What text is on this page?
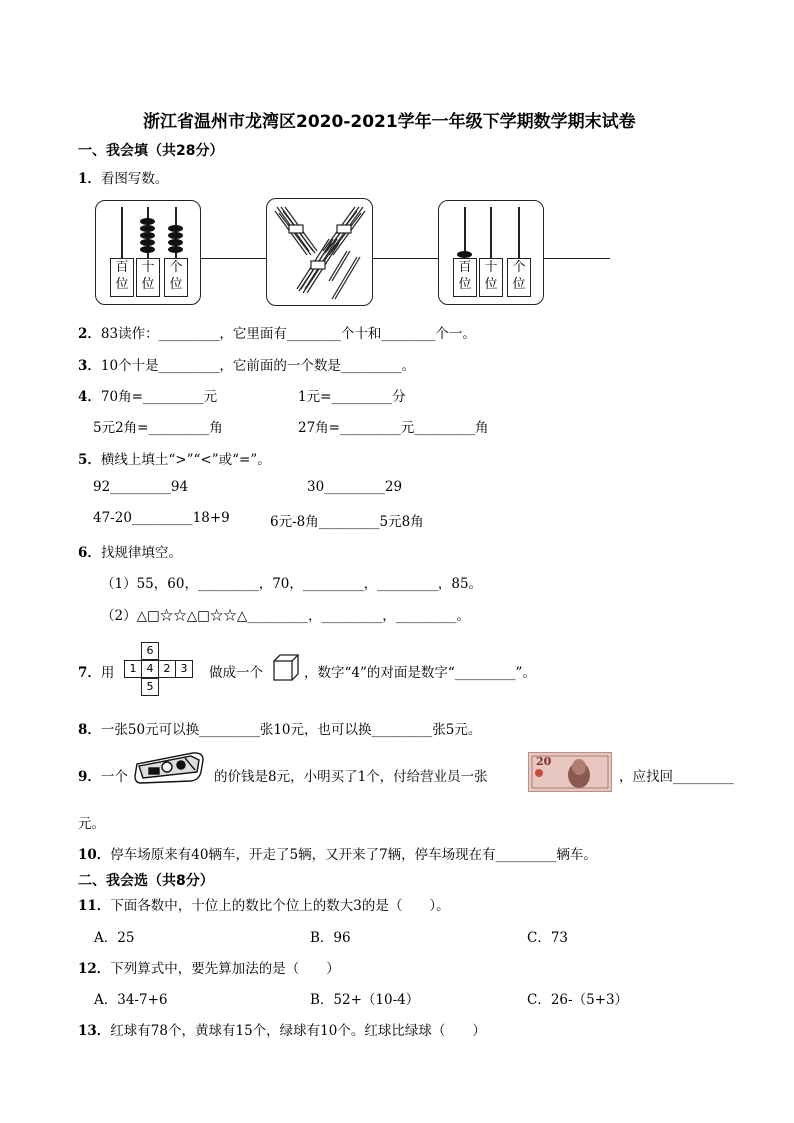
浙江省温州市龙湾区2020-2021学年一年级下学期数学期末试卷
一、我会填（共28分）
1．看图写数。
百位
十位
个位
百位
十位
个位
2．83读作：_________，它里面有________个十和________个一。
3．10个十是_________，它前面的一个数是_________。
4．70角=_________元	1元=_________分
5元2角=_________角	27角=_________元_________角
5．横线上填土“>”“<”或“=”。
92_________94	30_________29
47-20_________18+9	6元-8角_________5元8角
6．找规律填空。
（1）55，60，_________，70，_________，_________，85。
（2）△□☆☆△□☆☆△_________，_________，_________。
7．用
6
1 4 2 3
5
做成一个	，数字“4”的对面是数字“_________”。
8．一张50元可以换_________张10元，也可以换_________张5元。
9．一个	的价钱是8元，小明买了1个，付给营业员一张
20
，应找回_________
元。
10．停车场原来有40辆车，开走了5辆，又开来了7辆，停车场现在有_________辆车。
二、我会选（共8分）
11．下面各数中，十位上的数比个位上的数大3的是（　　）。
A．25	B．96	C．73
12．下列算式中，要先算加法的是（　　）
A．34-7+6	B．52+（10-4）	C．26-（5+3）
13．红球有78个，黄球有15个，绿球有10个。红球比绿球（　　）
